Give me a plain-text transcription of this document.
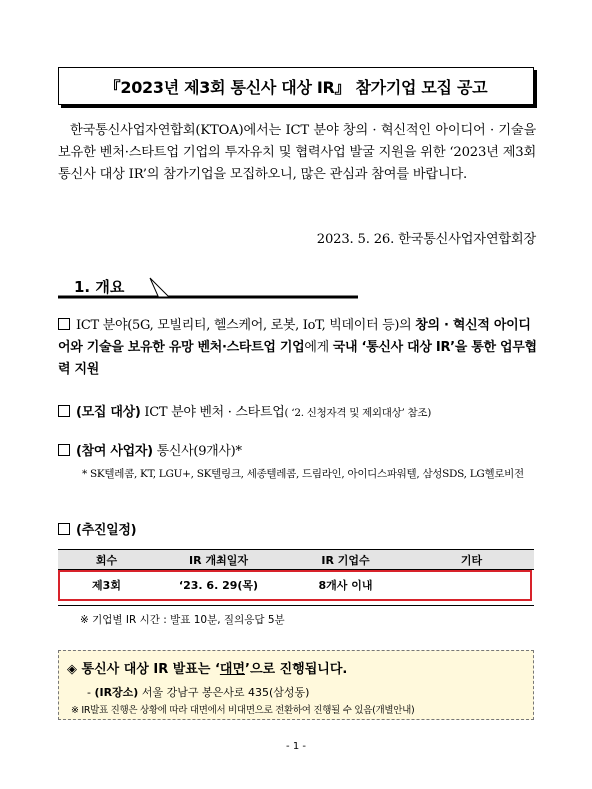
『2023년 제3회 통신사 대상 IR』 참가기업 모집 공고

한국통신사업자연합회(KTOA)에서는 ICT 분야 창의 · 혁신적인 아이디어 · 기술을 보유한 벤처·스타트업 기업의 투자유치 및 협력사업 발굴 지원을 위한 ‘2023년 제3회 통신사 대상 IR’의 참가기업을 모집하오니, 많은 관심과 참여를 바랍니다.

2023. 5. 26. 한국통신사업자연합회장
1. 개요
ICT 분야(5G, 모빌리티, 헬스케어, 로봇, IoT, 빅데이터 등)의 창의 · 혁신적 아이디어와 기술을 보유한 유망 벤처·스타트업 기업에게 국내 ‘통신사 대상 IR’을 통한 업무협력 지원
(모집 대상) ICT 분야 벤처 · 스타트업( ‘2. 신청자격 및 제외대상’ 참조)
(참여 사업자) 통신사(9개사)*
* SK텔레콤, KT, LGU+, SK텔링크, 세종텔레콤, 드림라인, 아이디스파워텔, 삼성SDS, LG헬로비전
(추진일정)
회수	IR 개최일자	IR 기업수	기타
제3회	‘23. 6. 29(목)	8개사 이내	
※ 기업별 IR 시간 : 발표 10분, 질의응답 5분
◈ 통신사 대상 IR 발표는 ‘대면’으로 진행됩니다.
- (IR장소) 서울 강남구 봉은사로 435(삼성동)
※ IR발표 진행은 상황에 따라 대면에서 비대면으로 전환하여 진행될 수 있음(개별안내)
- 1 -
